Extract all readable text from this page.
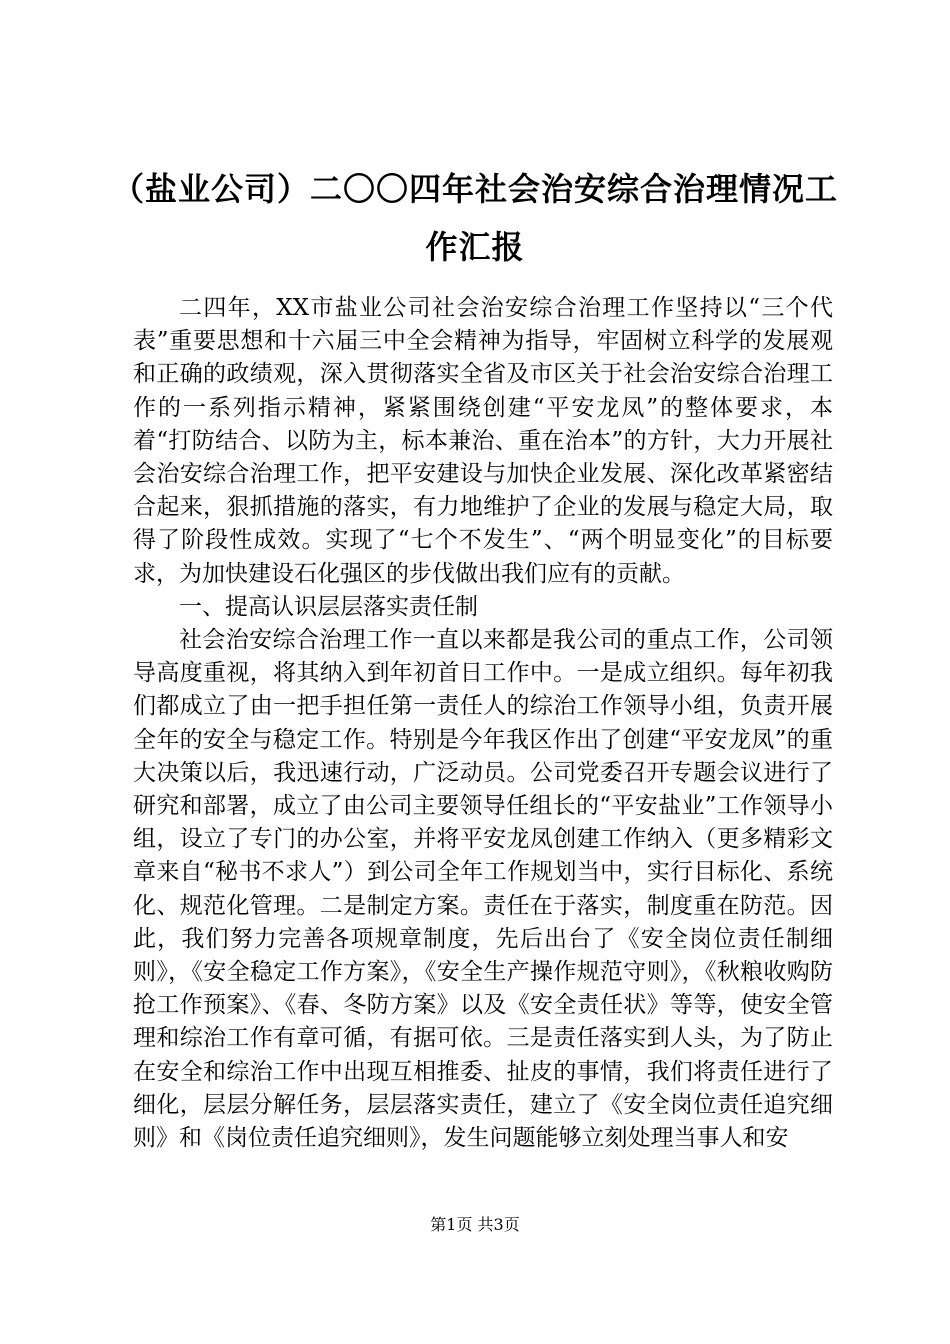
（盐业公司）二〇〇四年社会治安综合治理情况工作汇报

二四年，XX市盐业公司社会治安综合治理工作坚持以“三个代表”重要思想和十六届三中全会精神为指导，牢固树立科学的发展观和正确的政绩观，深入贯彻落实全省及市区关于社会治安综合治理工作的一系列指示精神，紧紧围绕创建“平安龙凤”的整体要求，本着“打防结合、以防为主，标本兼治、重在治本”的方针，大力开展社会治安综合治理工作，把平安建设与加快企业发展、深化改革紧密结合起来，狠抓措施的落实，有力地维护了企业的发展与稳定大局，取得了阶段性成效。实现了“七个不发生”、“两个明显变化”的目标要求，为加快建设石化强区的步伐做出我们应有的贡献。

一、提高认识层层落实责任制

社会治安综合治理工作一直以来都是我公司的重点工作，公司领导高度重视，将其纳入到年初首日工作中。一是成立组织。每年初我们都成立了由一把手担任第一责任人的综治工作领导小组，负责开展全年的安全与稳定工作。特别是今年我区作出了创建“平安龙凤”的重大决策以后，我迅速行动，广泛动员。公司党委召开专题会议进行了研究和部署，成立了由公司主要领导任组长的“平安盐业”工作领导小组，设立了专门的办公室，并将平安龙凤创建工作纳入（更多精彩文章来自“秘书不求人”）到公司全年工作规划当中，实行目标化、系统化、规范化管理。二是制定方案。责任在于落实，制度重在防范。因此，我们努力完善各项规章制度，先后出台了《安全岗位责任制细则》，《安全稳定工作方案》，《安全生产操作规范守则》，《秋粮收购防抢工作预案》、《春、冬防方案》以及《安全责任状》等等，使安全管理和综治工作有章可循，有据可依。三是责任落实到人头，为了防止在安全和综治工作中出现互相推委、扯皮的事情，我们将责任进行了细化，层层分解任务，层层落实责任，建立了《安全岗位责任追究细则》和《岗位责任追究细则》，发生问题能够立刻处理当事人和安

第1页 共3页
